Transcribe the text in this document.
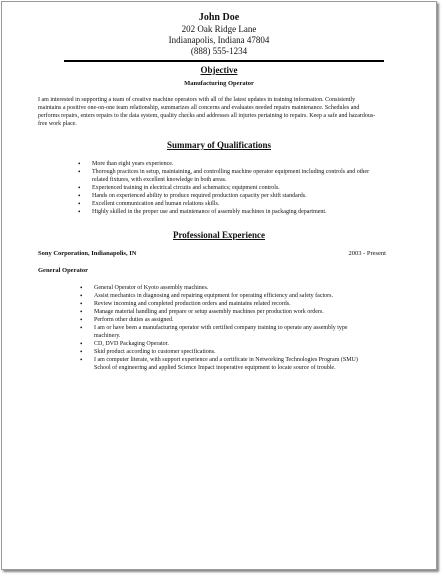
John Doe
202 Oak Ridge Lane
Indianapolis, Indiana 47804
(888) 555-1234
Objective
Manufacturing Operator
I am interested in supporting a team of creative machine operators with all of the latest updates in training information. Consistently maintains a positive one-on-one team relationship, summarizes all concerns and evaluates needed repairs maintenance. Schedules and performs repairs, enters repairs to the data system, quality checks and addresses all injuries pertaining to repairs. Keep a safe and hazardous-free work place.
Summary of Qualifications
• More than eight years experience.
• Thorough practices in setup, maintaining, and controlling machine operator equipment including controls and other related fixtures, with excellent knowledge in both areas.
• Experienced training in electrical circuits and schematics; equipment controls.
• Hands on experienced ability to produce required production capacity per shift standards.
• Excellent communication and human relations skills.
• Highly skilled in the proper use and maintenance of assembly machines in packaging department.
Professional Experience
Sony Corporation, Indianapolis, IN	2003 - Present
General Operator
• General Operator of Kyoto assembly machines.
• Assist mechanics in diagnosing and repairing equipment for operating efficiency and safety factors.
• Review incoming and completed production orders and maintains related records.
• Manage material handling and prepare or setup assembly machines per production work orders.
• Perform other duties as assigned.
• I am or have been a manufacturing operator with certified company training to operate any assembly type machinery.
• CD, DVD Packaging Operator.
• Skid product according to customer specifications.
• I am computer literate, with support experience and a certificate in Networking Technologies Program (SMU) School of engineering and applied Science Impact inoperative equipment to locate source of trouble.
